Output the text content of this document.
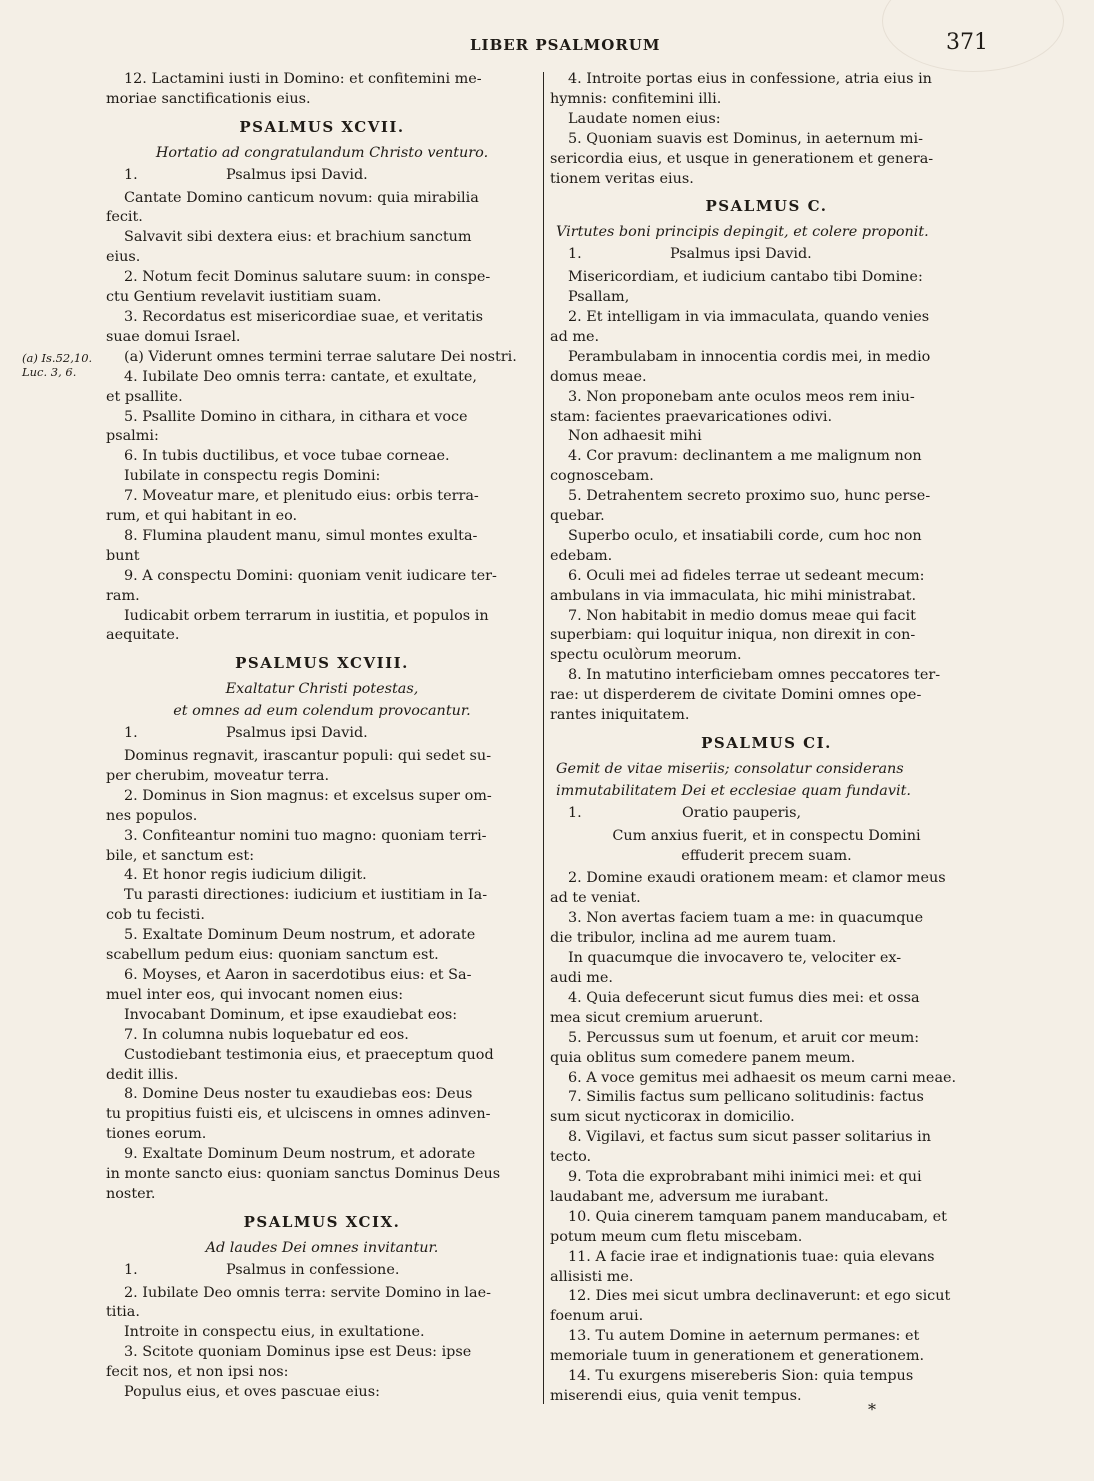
LIBER PSALMORUM	371
(a) Is.52,10.
Luc. 3, 6.

12. Lactamini iusti in Domino: et confitemini me-

moriae sanctificationis eius.

PSALMUS XCVII.
Hortatio ad congratulandum Christo venturo.
1.	Psalmus ipsi David.

Cantate Domino canticum novum: quia mirabilia

fecit.

Salvavit sibi dextera eius: et brachium sanctum

eius.

2. Notum fecit Dominus salutare suum: in conspe-

ctu Gentium revelavit iustitiam suam.

3. Recordatus est misericordiae suae, et veritatis

suae domui Israel.

(a) Viderunt omnes termini terrae salutare Dei nostri.

4. Iubilate Deo omnis terra: cantate, et exultate,

et psallite.

5. Psallite Domino in cithara, in cithara et voce

psalmi:

6. In tubis ductilibus, et voce tubae corneae.

Iubilate in conspectu regis Domini:

7. Moveatur mare, et plenitudo eius: orbis terra-

rum, et qui habitant in eo.

8. Flumina plaudent manu, simul montes exulta-

bunt

9. A conspectu Domini: quoniam venit iudicare ter-

ram.

Iudicabit orbem terrarum in iustitia, et populos in

aequitate.

PSALMUS XCVIII.
Exaltatur Christi potestas,
et omnes ad eum colendum provocantur.
1.	Psalmus ipsi David.

Dominus regnavit, irascantur populi: qui sedet su-

per cherubim, moveatur terra.

2. Dominus in Sion magnus: et excelsus super om-

nes populos.

3. Confiteantur nomini tuo magno: quoniam terri-

bile, et sanctum est:

4. Et honor regis iudicium diligit.

Tu parasti directiones: iudicium et iustitiam in Ia-

cob tu fecisti.

5. Exaltate Dominum Deum nostrum, et adorate

scabellum pedum eius: quoniam sanctum est.

6. Moyses, et Aaron in sacerdotibus eius: et Sa-

muel inter eos, qui invocant nomen eius:

Invocabant Dominum, et ipse exaudiebat eos:

7. In columna nubis loquebatur ed eos.

Custodiebant testimonia eius, et praeceptum quod

dedit illis.

8. Domine Deus noster tu exaudiebas eos: Deus

tu propitius fuisti eis, et ulciscens in omnes adinven-

tiones eorum.

9. Exaltate Dominum Deum nostrum, et adorate

in monte sancto eius: quoniam sanctus Dominus Deus

noster.

PSALMUS XCIX.
Ad laudes Dei omnes invitantur.
1.	Psalmus in confessione.

2. Iubilate Deo omnis terra: servite Domino in lae-

titia.

Introite in conspectu eius, in exultatione.

3. Scitote quoniam Dominus ipse est Deus: ipse

fecit nos, et non ipsi nos:

Populus eius, et oves pascuae eius:

4. Introite portas eius in confessione, atria eius in

hymnis: confitemini illi.

Laudate nomen eius:

5. Quoniam suavis est Dominus, in aeternum mi-

sericordia eius, et usque in generationem et genera-

tionem veritas eius.

PSALMUS C.
Virtutes boni principis depingit, et colere proponit.
1.	Psalmus ipsi David.

Misericordiam, et iudicium cantabo tibi Domine:

Psallam,

2. Et intelligam in via immaculata, quando venies

ad me.

Perambulabam in innocentia cordis mei, in medio

domus meae.

3. Non proponebam ante oculos meos rem iniu-

stam: facientes praevaricationes odivi.

Non adhaesit mihi

4. Cor pravum: declinantem a me malignum non

cognoscebam.

5. Detrahentem secreto proximo suo, hunc perse-

quebar.

Superbo oculo, et insatiabili corde, cum hoc non

edebam.

6. Oculi mei ad fideles terrae ut sedeant mecum:

ambulans in via immaculata, hic mihi ministrabat.

7. Non habitabit in medio domus meae qui facit

superbiam: qui loquitur iniqua, non direxit in con-

spectu oculòrum meorum.

8. In matutino interficiebam omnes peccatores ter-

rae: ut disperderem de civitate Domini omnes ope-

rantes iniquitatem.

PSALMUS CI.
Gemit de vitae miseriis; consolatur considerans
immutabilitatem Dei et ecclesiae quam fundavit.
1.	Oratio pauperis,

Cum anxius fuerit, et in conspectu Domini

effuderit precem suam.

2. Domine exaudi orationem meam: et clamor meus

ad te veniat.

3. Non avertas faciem tuam a me: in quacumque

die tribulor, inclina ad me aurem tuam.

In quacumque die invocavero te, velociter ex-

audi me.

4. Quia defecerunt sicut fumus dies mei: et ossa

mea sicut cremium aruerunt.

5. Percussus sum ut foenum, et aruit cor meum:

quia oblitus sum comedere panem meum.

6. A voce gemitus mei adhaesit os meum carni meae.

7. Similis factus sum pellicano solitudinis: factus

sum sicut nycticorax in domicilio.

8. Vigilavi, et factus sum sicut passer solitarius in

tecto.

9. Tota die exprobrabant mihi inimici mei: et qui

laudabant me, adversum me iurabant.

10. Quia cinerem tamquam panem manducabam, et

potum meum cum fletu miscebam.

11. A facie irae et indignationis tuae: quia elevans

allisisti me.

12. Dies mei sicut umbra declinaverunt: et ego sicut

foenum arui.

13. Tu autem Domine in aeternum permanes: et

memoriale tuum in generationem et generationem.

14. Tu exurgens misereberis Sion: quia tempus

miserendi eius, quia venit tempus.

*
